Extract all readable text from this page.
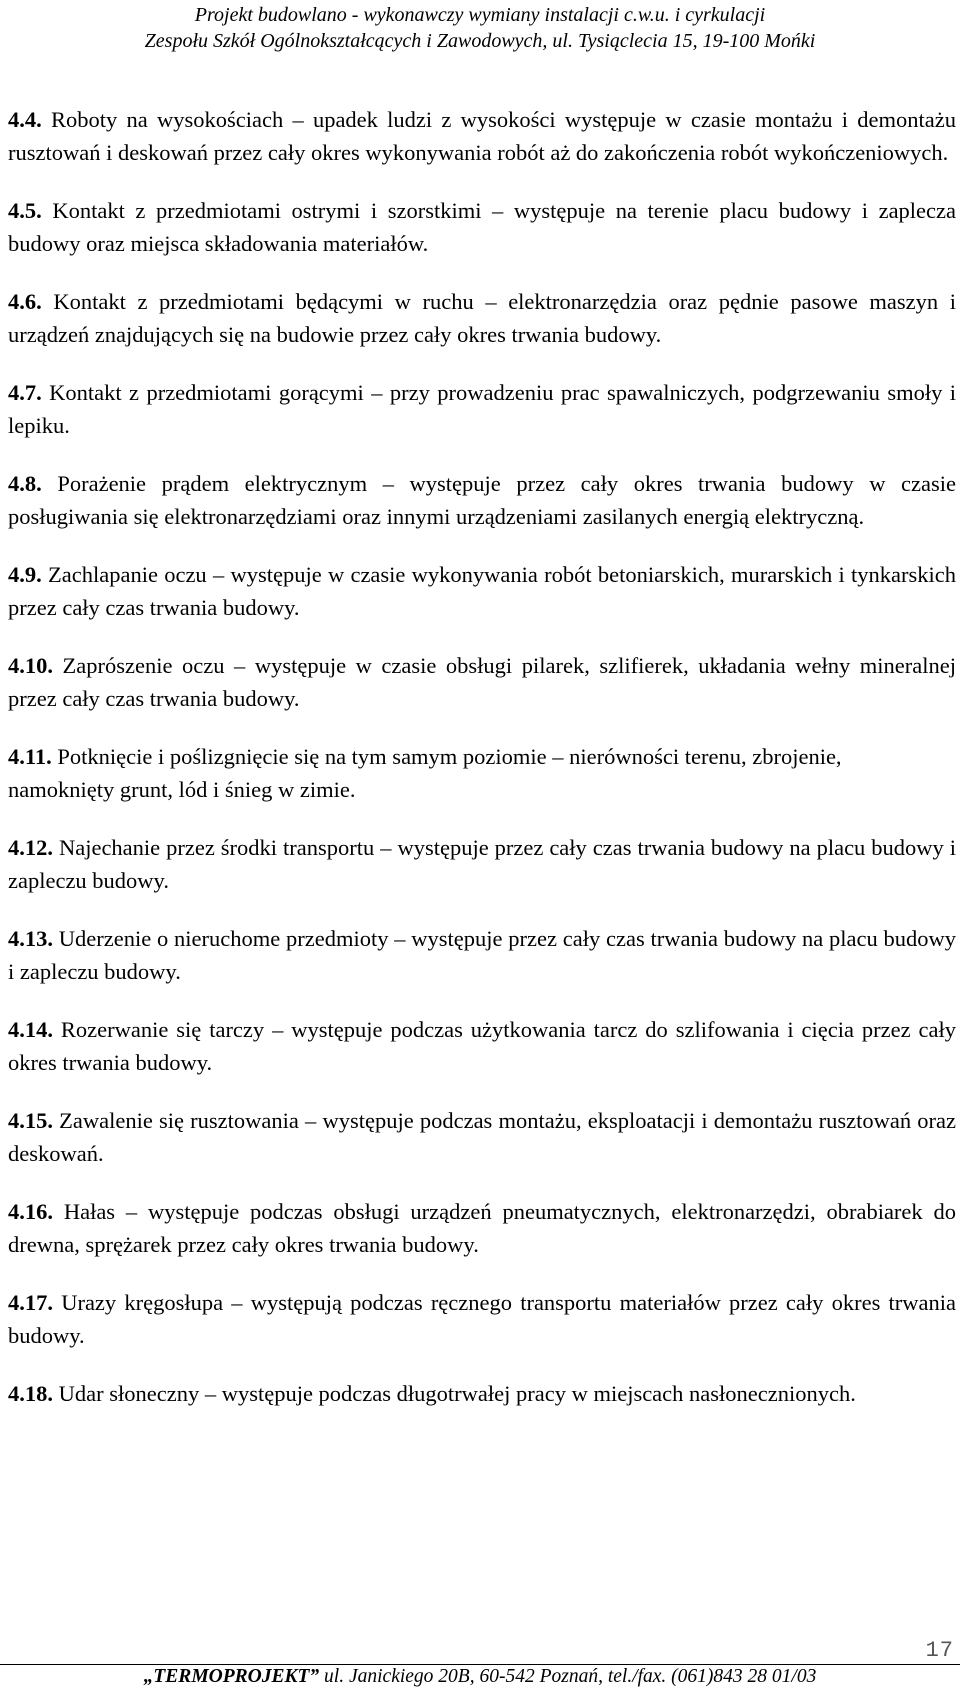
Projekt budowlano - wykonawczy wymiany instalacji c.w.u. i cyrkulacji
Zespołu Szkół Ogólnokształcących i Zawodowych, ul. Tysiąclecia 15, 19-100 Mońki

4.4. Roboty na wysokościach – upadek ludzi z wysokości występuje w czasie montażu i demontażu rusztowań i deskowań przez cały okres wykonywania robót aż do zakończenia robót wykończeniowych.

4.5. Kontakt z przedmiotami ostrymi i szorstkimi – występuje na terenie placu budowy i zaplecza budowy oraz miejsca składowania materiałów.

4.6. Kontakt z przedmiotami będącymi w ruchu – elektronarzędzia oraz pędnie pasowe maszyn i urządzeń znajdujących się na budowie przez cały okres trwania budowy.

4.7. Kontakt z przedmiotami gorącymi – przy prowadzeniu prac spawalniczych, podgrzewaniu smoły i lepiku.

4.8. Porażenie prądem elektrycznym – występuje przez cały okres trwania budowy w czasie posługiwania się elektronarzędziami oraz innymi urządzeniami zasilanych energią elektryczną.

4.9. Zachlapanie oczu – występuje w czasie wykonywania robót betoniarskich, murarskich i tynkarskich przez cały czas trwania budowy.

4.10. Zaprószenie oczu – występuje w czasie obsługi pilarek, szlifierek, układania wełny mineralnej przez cały czas trwania budowy.

4.11. Potknięcie i poślizgnięcie się na tym samym poziomie – nierówności terenu, zbrojenie,
namoknięty grunt, lód i śnieg w zimie.

4.12. Najechanie przez środki transportu – występuje przez cały czas trwania budowy na placu budowy i zapleczu budowy.

4.13. Uderzenie o nieruchome przedmioty – występuje przez cały czas trwania budowy na placu budowy i zapleczu budowy.

4.14. Rozerwanie się tarczy – występuje podczas użytkowania tarcz do szlifowania i cięcia przez cały okres trwania budowy.

4.15. Zawalenie się rusztowania – występuje podczas montażu, eksploatacji i demontażu rusztowań oraz deskowań.

4.16. Hałas – występuje podczas obsługi urządzeń pneumatycznych, elektronarzędzi, obrabiarek do drewna, sprężarek przez cały okres trwania budowy.

4.17. Urazy kręgosłupa – występują podczas ręcznego transportu materiałów przez cały okres trwania budowy.

4.18. Udar słoneczny – występuje podczas długotrwałej pracy w miejscach nasłonecznionych.

17
„TERMOPROJEKT” ul. Janickiego 20B, 60-542 Poznań, tel./fax. (061)843 28 01/03
